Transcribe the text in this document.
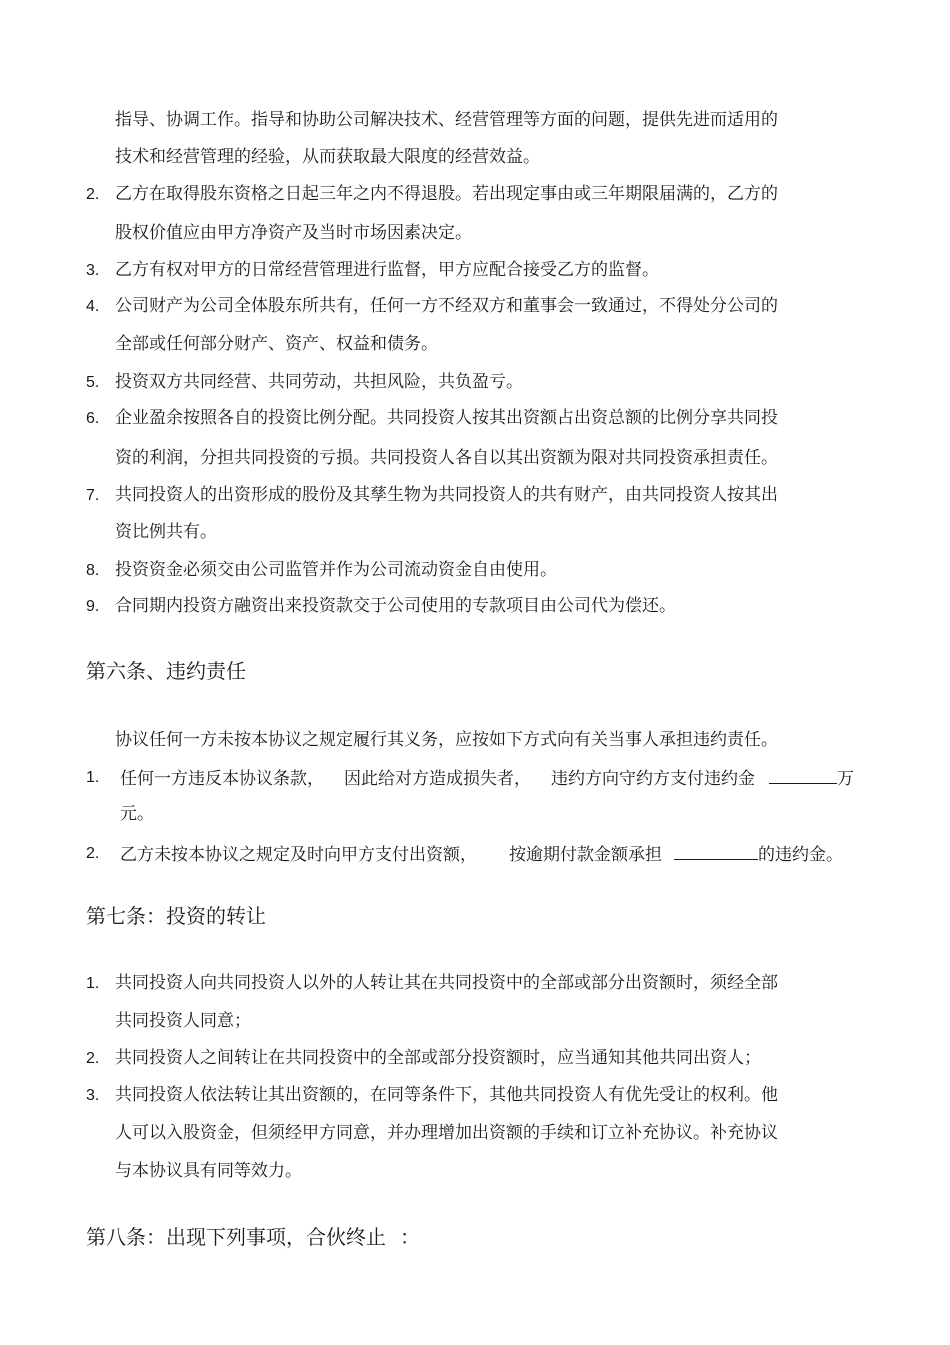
指导、协调工作。指导和协助公司解决技术、经营管理等方面的问题，提供先进而适用的
技术和经营管理的经验，从而获取最大限度的经营效益。
2. 乙方在取得股东资格之日起三年之内不得退股。若出现定事由或三年期限届满的，乙方的
股权价值应由甲方净资产及当时市场因素决定。
3. 乙方有权对甲方的日常经营管理进行监督，甲方应配合接受乙方的监督。
4. 公司财产为公司全体股东所共有，任何一方不经双方和董事会一致通过，不得处分公司的
全部或任何部分财产、资产、权益和债务。
5. 投资双方共同经营、共同劳动，共担风险，共负盈亏。
6. 企业盈余按照各自的投资比例分配。共同投资人按其出资额占出资总额的比例分享共同投
资的利润，分担共同投资的亏损。共同投资人各自以其出资额为限对共同投资承担责任。
7. 共同投资人的出资形成的股份及其孳生物为共同投资人的共有财产，由共同投资人按其出
资比例共有。
8. 投资资金必须交由公司监管并作为公司流动资金自由使用。
9. 合同期内投资方融资出来投资款交于公司使用的专款项目由公司代为偿还。
第六条、违约责任
协议任何一方未按本协议之规定履行其义务，应按如下方式向有关当事人承担违约责任。
1. 任何一方违反本协议条款， 因此给对方造成损失者， 违约方向守约方支付违约金	万
元。
2. 乙方未按本协议之规定及时向甲方支付出资额， 按逾期付款金额承担	的违约金。
第七条：投资的转让
1. 共同投资人向共同投资人以外的人转让其在共同投资中的全部或部分出资额时，须经全部
共同投资人同意；
2. 共同投资人之间转让在共同投资中的全部或部分投资额时，应当通知其他共同出资人；
3. 共同投资人依法转让其出资额的，在同等条件下，其他共同投资人有优先受让的权利。他
人可以入股资金，但须经甲方同意，并办理增加出资额的手续和订立补充协议。补充协议
与本协议具有同等效力。
第八条：出现下列事项，合伙终止 ：
